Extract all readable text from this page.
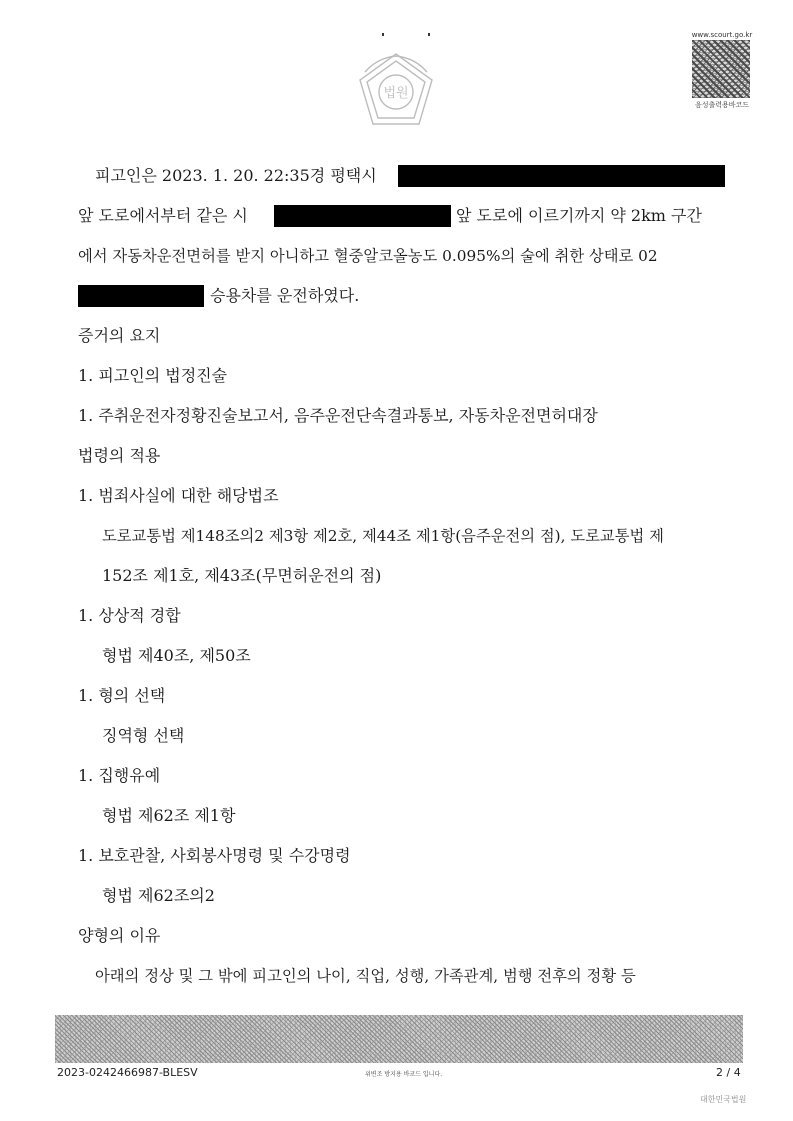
법원
www.scourt.go.kr
음성출력용바코드
피고인은 2023. 1. 20. 22:35경 평택시
앞 도로에서부터 같은 시	앞 도로에 이르기까지 약 2km 구간
에서 자동차운전면허를 받지 아니하고 혈중알코올농도 0.095%의 술에 취한 상태로 02
승용차를 운전하였다.
증거의 요지
1. 피고인의 법정진술
1. 주취운전자정황진술보고서, 음주운전단속결과통보, 자동차운전면허대장
법령의 적용
1. 범죄사실에 대한 해당법조
도로교통법 제148조의2 제3항 제2호, 제44조 제1항(음주운전의 점), 도로교통법 제
152조 제1호, 제43조(무면허운전의 점)
1. 상상적 경합
형법 제40조, 제50조
1. 형의 선택
징역형 선택
1. 집행유예
형법 제62조 제1항
1. 보호관찰, 사회봉사명령 및 수강명령
형법 제62조의2
양형의 이유
아래의 정상 및 그 밖에 피고인의 나이, 직업, 성행, 가족관계, 범행 전후의 정황 등
2023-0242466987-BLESV	위변조 방지용 바코드 입니다.	2 / 4
대한민국법원
